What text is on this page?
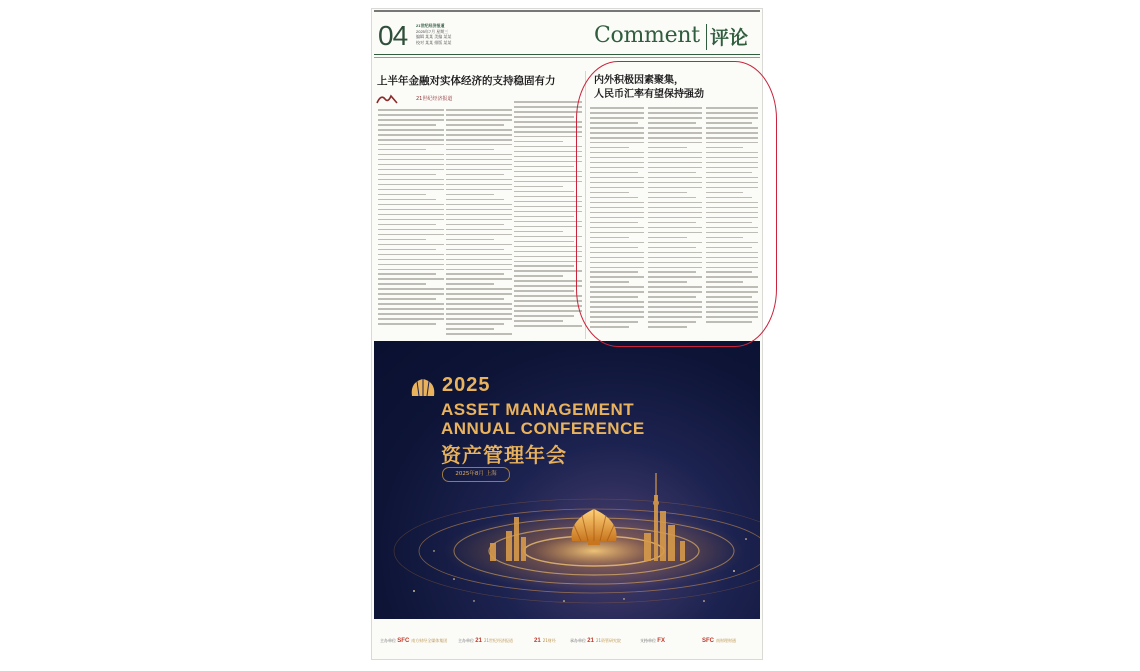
04 21世纪经济报道
2025年7月 星期三
编辑 某某 美编 某某
校对 某某 排版 某某	Comment 评论
上半年金融对实体经济的支持稳固有力
21世纪经济报道
内外积极因素聚集，
人民币汇率有望保持强劲
2025
ASSET MANAGEMENT
ANNUAL CONFERENCE
资产管理年会
2025年8月 上海
主办单位 SFC 南方财经全媒体集团	主办单位 21 21世纪经济报道	21 21财经	承办单位 21 21资管研究院	支持单位 FX	SFC 南财理财通
